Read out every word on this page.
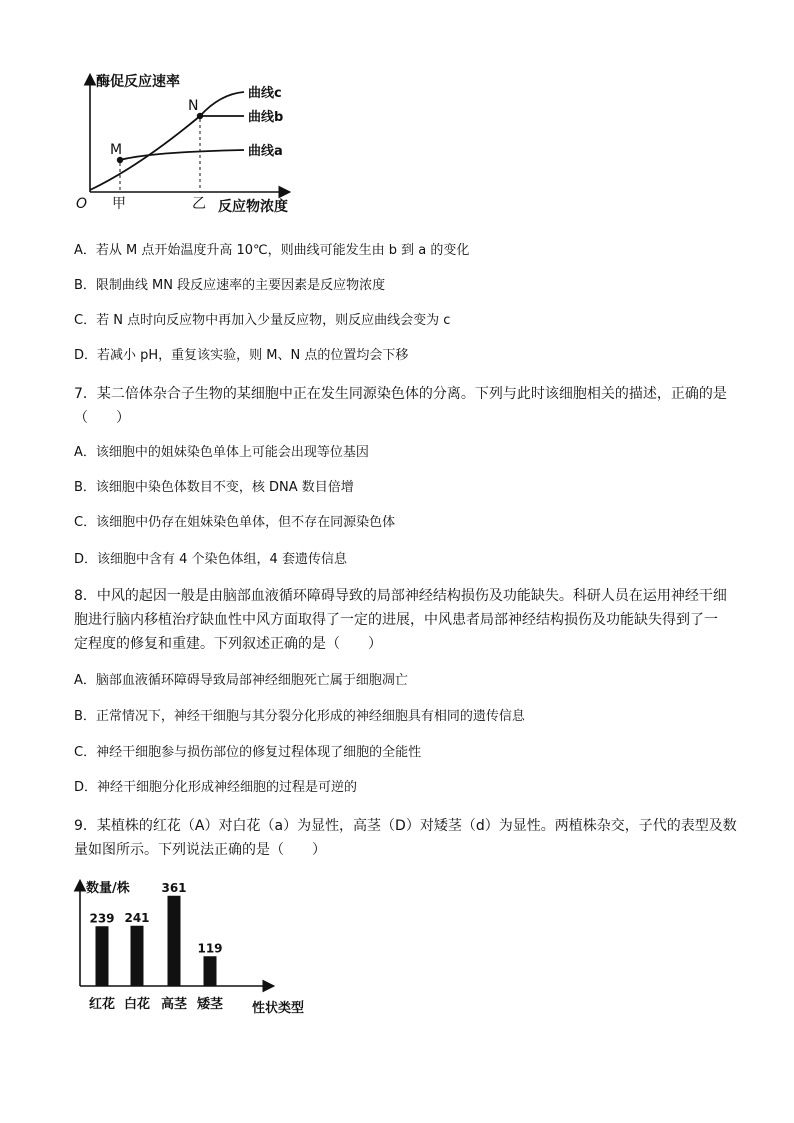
酶促反应速率
O
M
N
曲线c
曲线b
曲线a
甲	乙 反应物浓度
A．若从 M 点开始温度升高 10℃，则曲线可能发生由 b 到 a 的变化
B．限制曲线 MN 段反应速率的主要因素是反应物浓度
C．若 N 点时向反应物中再加入少量反应物，则反应曲线会变为 c
D．若减小 pH，重复该实验，则 M、N 点的位置均会下移
7．某二倍体杂合子生物的某细胞中正在发生同源染色体的分离。下列与此时该细胞相关的描述，正确的是
（　　）
A．该细胞中的姐妹染色单体上可能会出现等位基因
B．该细胞中染色体数目不变，核 DNA 数目倍增
C．该细胞中仍存在姐妹染色单体，但不存在同源染色体
D．该细胞中含有 4 个染色体组，4 套遗传信息
8．中风的起因一般是由脑部血液循环障碍导致的局部神经结构损伤及功能缺失。科研人员在运用神经干细
胞进行脑内移植治疗缺血性中风方面取得了一定的进展，中风患者局部神经结构损伤及功能缺失得到了一
定程度的修复和重建。下列叙述正确的是（　　）
A．脑部血液循环障碍导致局部神经细胞死亡属于细胞凋亡
B．正常情况下，神经干细胞与其分裂分化形成的神经细胞具有相同的遗传信息
C．神经干细胞参与损伤部位的修复过程体现了细胞的全能性
D．神经干细胞分化形成神经细胞的过程是可逆的
9．某植株的红花（A）对白花（a）为显性，高茎（D）对矮茎（d）为显性。两植株杂交，子代的表型及数
量如图所示。下列说法正确的是（　　）
数量/株
性状类型
239
红花
241
白花
361
高茎
119
矮茎
